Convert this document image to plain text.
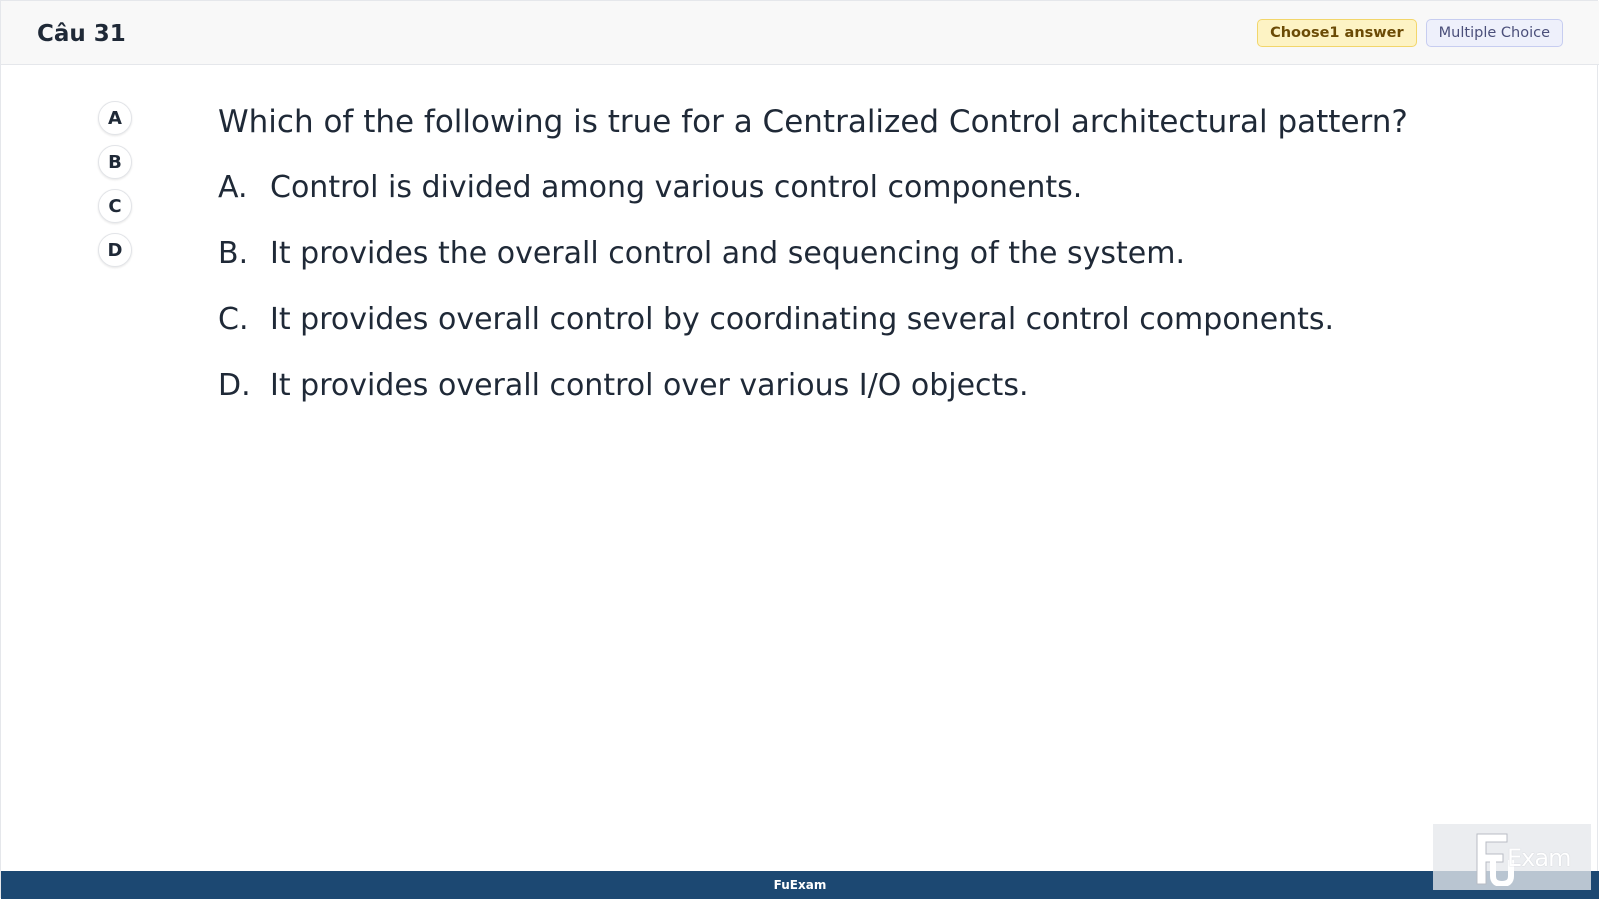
Câu 31	Choose1 answer	Multiple Choice
A
B
C
D
Which of the following is true for a Centralized Control architectural pattern?
A. Control is divided among various control components.
B. It provides the overall control and sequencing of the system.
C. It provides overall control by coordinating several control components.
D. It provides overall control over various I/O objects.
FuExam
Exam
